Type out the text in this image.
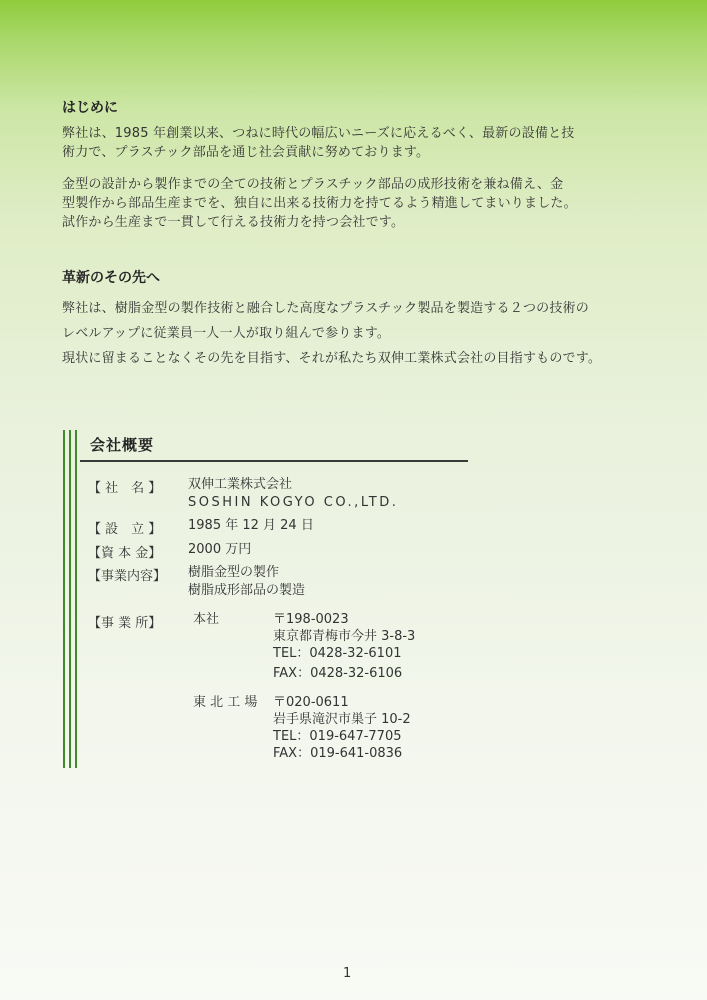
はじめに
弊社は、1985 年創業以来、つねに時代の幅広いニーズに応えるべく、最新の設備と技
術力で、プラスチック部品を通じ社会貢献に努めております。
金型の設計から製作までの全ての技術とプラスチック部品の成形技術を兼ね備え、金
型製作から部品生産までを、独自に出来る技術力を持てるよう精進してまいりました。
試作から生産まで一貫して行える技術力を持つ会社です。
革新のその先へ
弊社は、樹脂金型の製作技術と融合した高度なプラスチック製品を製造する２つの技術の
レベルアップに従業員一人一人が取り組んで参ります。
現状に留まることなくその先を目指す、それが私たち双伸工業株式会社の目指すものです。
会社概要
【 社　名 】 双伸工業株式会社
SOSHIN KOGYO CO.,LTD.
【 設　立 】 1985 年 12 月 24 日
【資 本 金】 2000 万円
【事業内容】 樹脂金型の製作
樹脂成形部品の製造
【事 業 所】 本社	〒198-0023
東京都青梅市今井 3-8-3
TEL：0428-32-6101
FAX：0428-32-6106
東 北 工 場 〒020-0611
岩手県滝沢市巣子 10-2
TEL：019-647-7705
FAX：019-641-0836
1
